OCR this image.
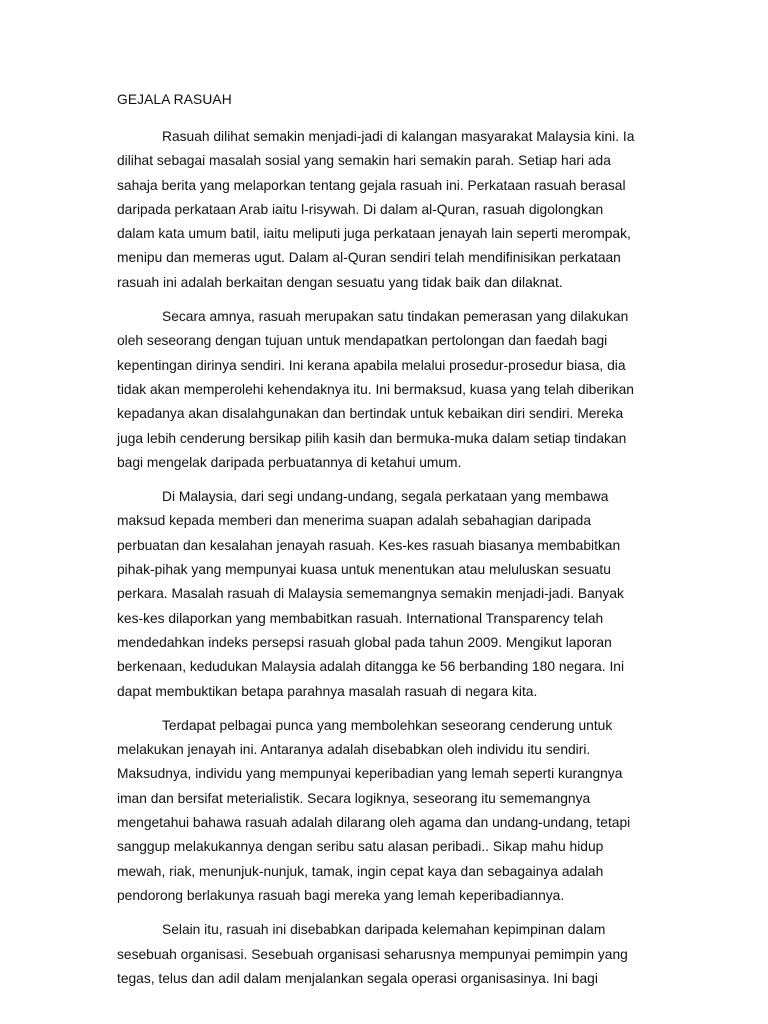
GEJALA RASUAH

Rasuah dilihat semakin menjadi-jadi di kalangan masyarakat Malaysia kini. Ia
dilihat sebagai masalah sosial yang semakin hari semakin parah. Setiap hari ada
sahaja berita yang melaporkan tentang gejala rasuah ini. Perkataan rasuah berasal
daripada perkataan Arab iaitu l-risywah. Di dalam al-Quran, rasuah digolongkan
dalam kata umum batil, iaitu meliputi juga perkataan jenayah lain seperti merompak,
menipu dan memeras ugut. Dalam al-Quran sendiri telah mendifinisikan perkataan
rasuah ini adalah berkaitan dengan sesuatu yang tidak baik dan dilaknat.

Secara amnya, rasuah merupakan satu tindakan pemerasan yang dilakukan
oleh seseorang dengan tujuan untuk mendapatkan pertolongan dan faedah bagi
kepentingan dirinya sendiri. Ini kerana apabila melalui prosedur-prosedur biasa, dia
tidak akan memperolehi kehendaknya itu. Ini bermaksud, kuasa yang telah diberikan
kepadanya akan disalahgunakan dan bertindak untuk kebaikan diri sendiri. Mereka
juga lebih cenderung bersikap pilih kasih dan bermuka-muka dalam setiap tindakan
bagi mengelak daripada perbuatannya di ketahui umum.

Di Malaysia, dari segi undang-undang, segala perkataan yang membawa
maksud kepada memberi dan menerima suapan adalah sebahagian daripada
perbuatan dan kesalahan jenayah rasuah. Kes-kes rasuah biasanya membabitkan
pihak-pihak yang mempunyai kuasa untuk menentukan atau meluluskan sesuatu
perkara. Masalah rasuah di Malaysia sememangnya semakin menjadi-jadi. Banyak
kes-kes dilaporkan yang membabitkan rasuah. International Transparency telah
mendedahkan indeks persepsi rasuah global pada tahun 2009. Mengikut laporan
berkenaan, kedudukan Malaysia adalah ditangga ke 56 berbanding 180 negara. Ini
dapat membuktikan betapa parahnya masalah rasuah di negara kita.

Terdapat pelbagai punca yang membolehkan seseorang cenderung untuk
melakukan jenayah ini. Antaranya adalah disebabkan oleh individu itu sendiri.
Maksudnya, individu yang mempunyai keperibadian yang lemah seperti kurangnya
iman dan bersifat meterialistik. Secara logiknya, seseorang itu sememangnya
mengetahui bahawa rasuah adalah dilarang oleh agama dan undang-undang, tetapi
sanggup melakukannya dengan seribu satu alasan peribadi.. Sikap mahu hidup
mewah, riak, menunjuk-nunjuk, tamak, ingin cepat kaya dan sebagainya adalah
pendorong berlakunya rasuah bagi mereka yang lemah keperibadiannya.

Selain itu, rasuah ini disebabkan daripada kelemahan kepimpinan dalam
sesebuah organisasi. Sesebuah organisasi seharusnya mempunyai pemimpin yang
tegas, telus dan adil dalam menjalankan segala operasi organisasinya. Ini bagi
